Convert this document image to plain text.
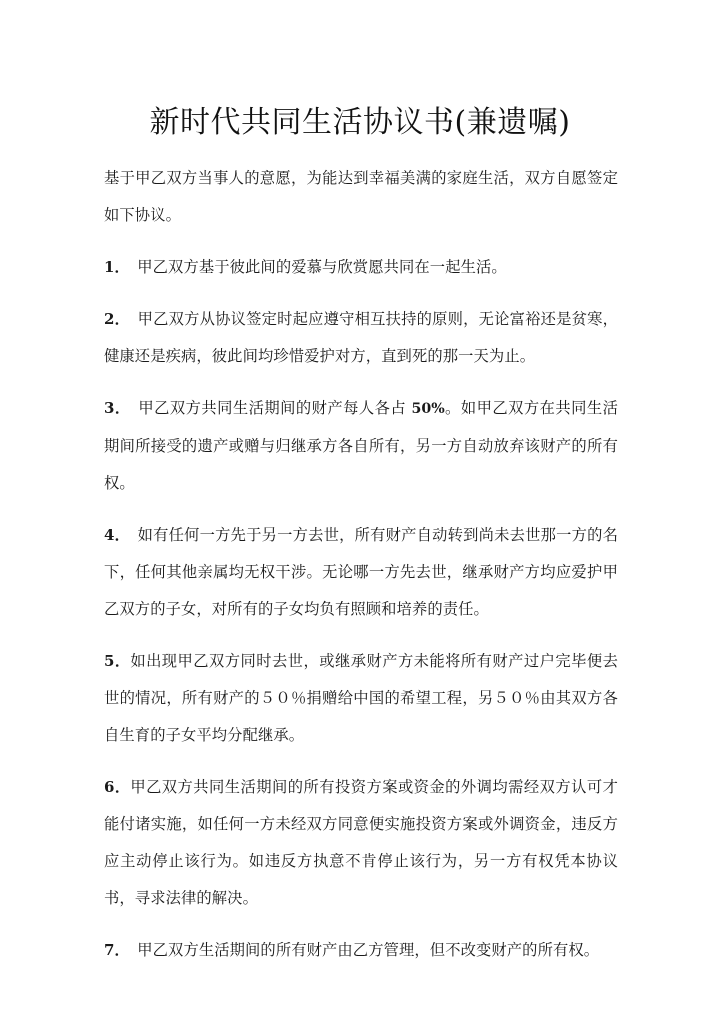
新时代共同生活协议书(兼遗嘱)

基于甲乙双方当事人的意愿，为能达到幸福美满的家庭生活，双方自愿签定如下协议。

1． 甲乙双方基于彼此间的爱慕与欣赏愿共同在一起生活。

2． 甲乙双方从协议签定时起应遵守相互扶持的原则，无论富裕还是贫寒，健康还是疾病，彼此间均珍惜爱护对方，直到死的那一天为止。

3． 甲乙双方共同生活期间的财产每人各占 50%。如甲乙双方在共同生活期间所接受的遗产或赠与归继承方各自所有，另一方自动放弃该财产的所有权。

4． 如有任何一方先于另一方去世，所有财产自动转到尚未去世那一方的名下，任何其他亲属均无权干涉。无论哪一方先去世，继承财产方均应爱护甲乙双方的子女，对所有的子女均负有照顾和培养的责任。

5．如出现甲乙双方同时去世，或继承财产方未能将所有财产过户完毕便去世的情况，所有财产的５０％捐赠给中国的希望工程，另５０％由其双方各自生育的子女平均分配继承。

6．甲乙双方共同生活期间的所有投资方案或资金的外调均需经双方认可才能付诸实施，如任何一方未经双方同意便实施投资方案或外调资金，违反方应主动停止该行为。如违反方执意不肯停止该行为，另一方有权凭本协议书，寻求法律的解决。

7． 甲乙双方生活期间的所有财产由乙方管理，但不改变财产的所有权。
